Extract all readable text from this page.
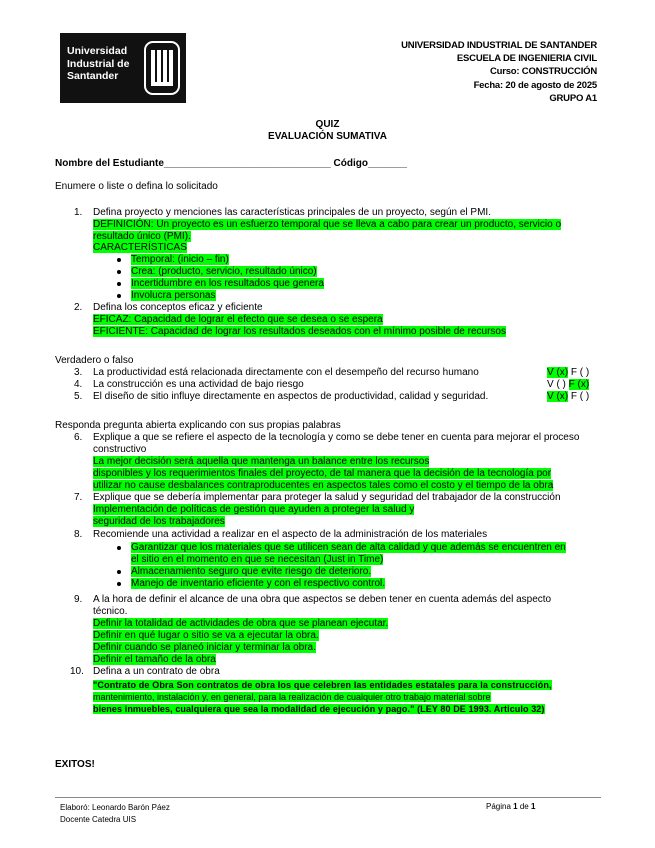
Universidad
Industrial de
Santander
UNIVERSIDAD INDUSTRIAL DE SANTANDER
ESCUELA DE INGENIERIA CIVIL
Curso: CONSTRUCCIÓN
Fecha: 20 de agosto de 2025
GRUPO A1
QUIZ
EVALUACIÓN SUMATIVA
Nombre del Estudiante______________________________ Código_______
Enumere o liste o defina lo solicitado
1. Defina proyecto y menciones las características principales de un proyecto, según el PMI.
DEFINICIÓN: Un proyecto es un esfuerzo temporal que se lleva a cabo para crear un producto, servicio o
resultado único (PMI).
CARACTERÍSTICAS
Temporal: (inicio – fin)
Crea: (producto, servicio, resultado único)
Incertidumbre en los resultados que genera
Involucra personas
2. Defina los conceptos eficaz y eficiente
EFICAZ: Capacidad de lograr el efecto que se desea o se espera
EFICIENTE: Capacidad de lograr los resultados deseados con el mínimo posible de recursos
Verdadero o falso
3. La productividad está relacionada directamente con el desempeño del recurso humano	V (x) F ( )
4. La construcción es una actividad de bajo riesgo	V ( ) F (x)
5. El diseño de sitio influye directamente en aspectos de productividad, calidad y seguridad.	V (x) F ( )
Responda pregunta abierta explicando con sus propias palabras
6. Explique a que se refiere el aspecto de la tecnología y como se debe tener en cuenta para mejorar el proceso
constructivo
La mejor decisión será aquella que mantenga un balance entre los recursos
disponibles y los requerimientos finales del proyecto, de tal manera que la decisión de la tecnología por
utilizar no cause desbalances contraproducentes en aspectos tales como el costo y el tiempo de la obra
7. Explique que se debería implementar para proteger la salud y seguridad del trabajador de la construcción
Implementación de políticas de gestión que ayuden a proteger la salud y
seguridad de los trabajadores
8. Recomiende una actividad a realizar en el aspecto de la administración de los materiales
Garantizar que los materiales que se utilicen sean de alta calidad y que además se encuentren en
el sitio en el momento en que se necesitan (Just in Time)
Almacenamiento seguro que evite riesgo de deterioro.
Manejo de inventario eficiente y con el respectivo control.
9. A la hora de definir el alcance de una obra que aspectos se deben tener en cuenta además del aspecto
técnico.
Definir la totalidad de actividades de obra que se planean ejecutar.
Definir en qué lugar o sitio se va a ejecutar la obra.
Definir cuando se planeó iniciar y terminar la obra.
Definir el tamaño de la obra
10. Defina a un contrato de obra
"Contrato de Obra Son contratos de obra los que celebren las entidades estatales para la construcción,
mantenimiento, instalación y, en general, para la realización de cualquier otro trabajo material sobre
bienes inmuebles, cualquiera que sea la modalidad de ejecución y pago." (LEY 80 DE 1993. Articulo 32)
EXITOS!
Elaboró: Leonardo Barón Páez
Docente Catedra UIS
Página 1 de 1
